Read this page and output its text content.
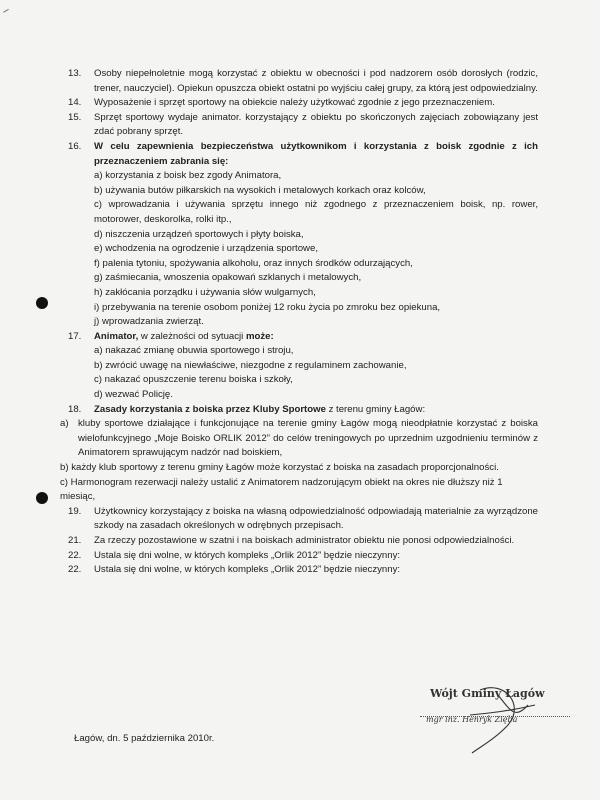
13.	Osoby niepełnoletnie mogą korzystać z obiektu w obecności i pod nadzorem osób dorosłych (rodzic, trener, nauczyciel). Opiekun opuszcza obiekt ostatni po wyjściu całej grupy, za którą jest odpowiedzialny.
14.	Wyposażenie i sprzęt sportowy na obiekcie należy użytkować zgodnie z jego przeznaczeniem.
15.	Sprzęt sportowy wydaje animator. korzystający z obiektu po skończonych zajęciach zobowiązany jest zdać pobrany sprzęt.
16.	W celu zapewnienia bezpieczeństwa użytkownikom i korzystania z boisk zgodnie z ich przeznaczeniem zabrania się:
a) korzystania z boisk bez zgody Animatora,
b) używania butów piłkarskich na wysokich i metalowych korkach oraz kolców,
c) wprowadzania i używania sprzętu innego niż zgodnego z przeznaczeniem boisk, np. rower, motorower, deskorolka, rolki itp.,
d) niszczenia urządzeń sportowych i płyty boiska,
e) wchodzenia na ogrodzenie i urządzenia sportowe,
f) palenia tytoniu, spożywania alkoholu, oraz innych środków odurzających,
g) zaśmiecania, wnoszenia opakowań szklanych i metalowych,
h) zakłócania porządku i używania słów wulgarnych,
i) przebywania na terenie osobom poniżej 12 roku życia po zmroku bez opiekuna,
j) wprowadzania zwierząt.
17.	Animator, w zależności od sytuacji może:
a) nakazać zmianę obuwia sportowego i stroju,
b) zwrócić uwagę na niewłaściwe, niezgodne z regulaminem zachowanie,
c) nakazać opuszczenie terenu boiska i szkoły,
d) wezwać Policję.
18.	Zasady korzystania z boiska przez Kluby Sportowe z terenu gminy Łagów:
a) kluby sportowe działające i funkcjonujące na terenie gminy Łagów mogą nieodpłatnie korzystać z boiska wielofunkcyjnego „Moje Boisko ORLIK 2012” do celów treningowych po uprzednim uzgodnieniu terminów z Animatorem sprawującym nadzór nad boiskiem,
b) każdy klub sportowy z terenu gminy Łagów może korzystać z boiska na zasadach proporcjonalności.
c) Harmonogram rezerwacji należy ustalić z Animatorem nadzorującym obiekt na okres nie dłuższy niż 1 miesiąc,
19.	Użytkownicy korzystający z boiska na własną odpowiedzialność odpowiadają materialnie za wyrządzone szkody na zasadach określonych w odrębnych przepisach.
21.	Za rzeczy pozostawione w szatni i na boiskach administrator obiektu nie ponosi odpowiedzialności.
22.	Ustala się dni wolne, w których kompleks „Orlik 2012” będzie nieczynny:
22.	Ustala się dni wolne, w których kompleks „Orlik 2012” będzie nieczynny:
Wójt Gminy Łagów
mgr inż. Henryk Zięba
Łagów, dn. 5 października 2010r.
